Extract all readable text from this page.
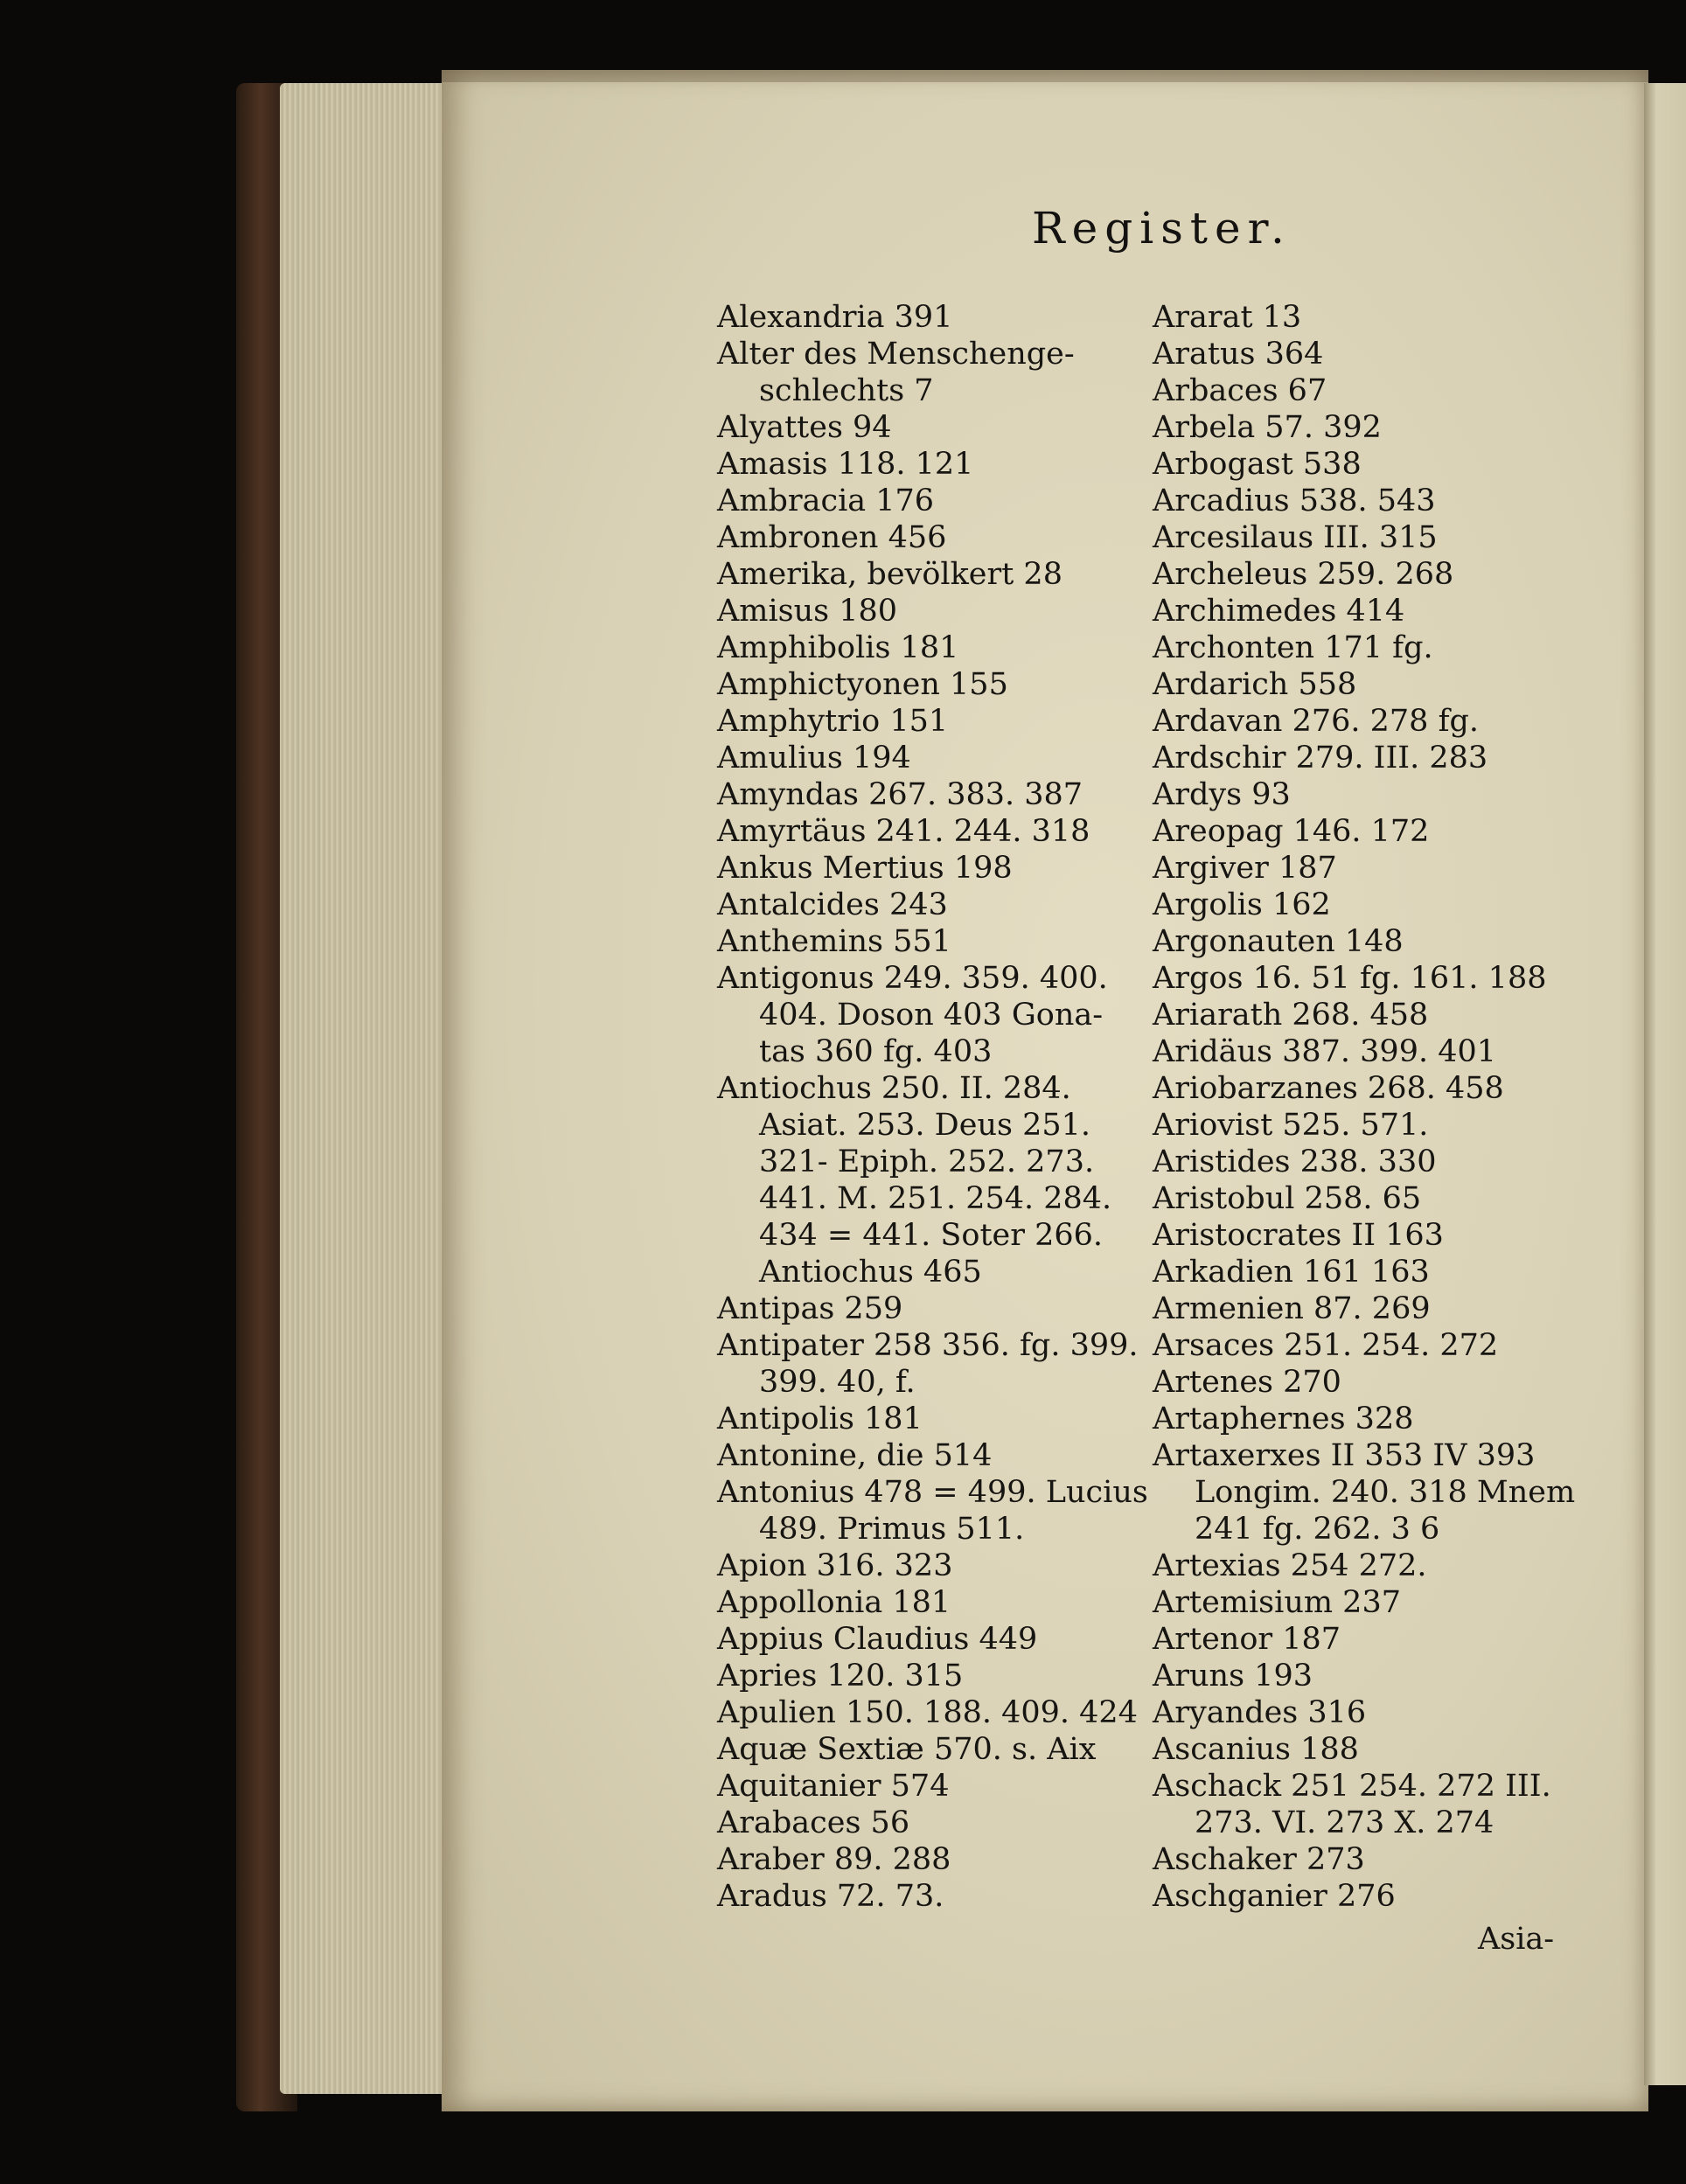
Register.
Alexandria 391
Alter des Menschenge-
schlechts 7
Alyattes 94
Amasis 118. 121
Ambracia 176
Ambronen 456
Amerika, bevölkert 28
Amisus 180
Amphibolis 181
Amphictyonen 155
Amphytrio 151
Amulius 194
Amyndas 267. 383. 387
Amyrtäus 241. 244. 318
Ankus Mertius 198
Antalcides 243
Anthemins 551
Antigonus 249. 359. 400.
404. Doson 403 Gona-
tas 360 fg. 403
Antiochus 250. II. 284.
Asiat. 253. Deus 251.
321- Epiph. 252. 273.
441. M. 251. 254. 284.
434 = 441. Soter 266.
Antiochus 465
Antipas 259
Antipater 258 356. fg. 399.
399. 40, f.
Antipolis 181
Antonine, die 514
Antonius 478 = 499. Lucius
489. Primus 511.
Apion 316. 323
Appollonia 181
Appius Claudius 449
Apries 120. 315
Apulien 150. 188. 409. 424
Aquæ Sextiæ 570. s. Aix
Aquitanier 574
Arabaces 56
Araber 89. 288
Aradus 72. 73.
Ararat 13
Aratus 364
Arbaces 67
Arbela 57. 392
Arbogast 538
Arcadius 538. 543
Arcesilaus III. 315
Archeleus 259. 268
Archimedes 414
Archonten 171 fg.
Ardarich 558
Ardavan 276. 278 fg.
Ardschir 279. III. 283
Ardys 93
Areopag 146. 172
Argiver 187
Argolis 162
Argonauten 148
Argos 16. 51 fg. 161. 188
Ariarath 268. 458
Aridäus 387. 399. 401
Ariobarzanes 268. 458
Ariovist 525. 571.
Aristides 238. 330
Aristobul 258. 65
Aristocrates II 163
Arkadien 161 163
Armenien 87. 269
Arsaces 251. 254. 272
Artenes 270
Artaphernes 328
Artaxerxes II 353 IV 393
Longim. 240. 318 Mnem
241 fg. 262. 3 6
Artexias 254 272.
Artemisium 237
Artenor 187
Aruns 193
Aryandes 316
Ascanius 188
Aschack 251 254. 272 III.
273. VI. 273 X. 274
Aschaker 273
Aschganier 276
Asia-
